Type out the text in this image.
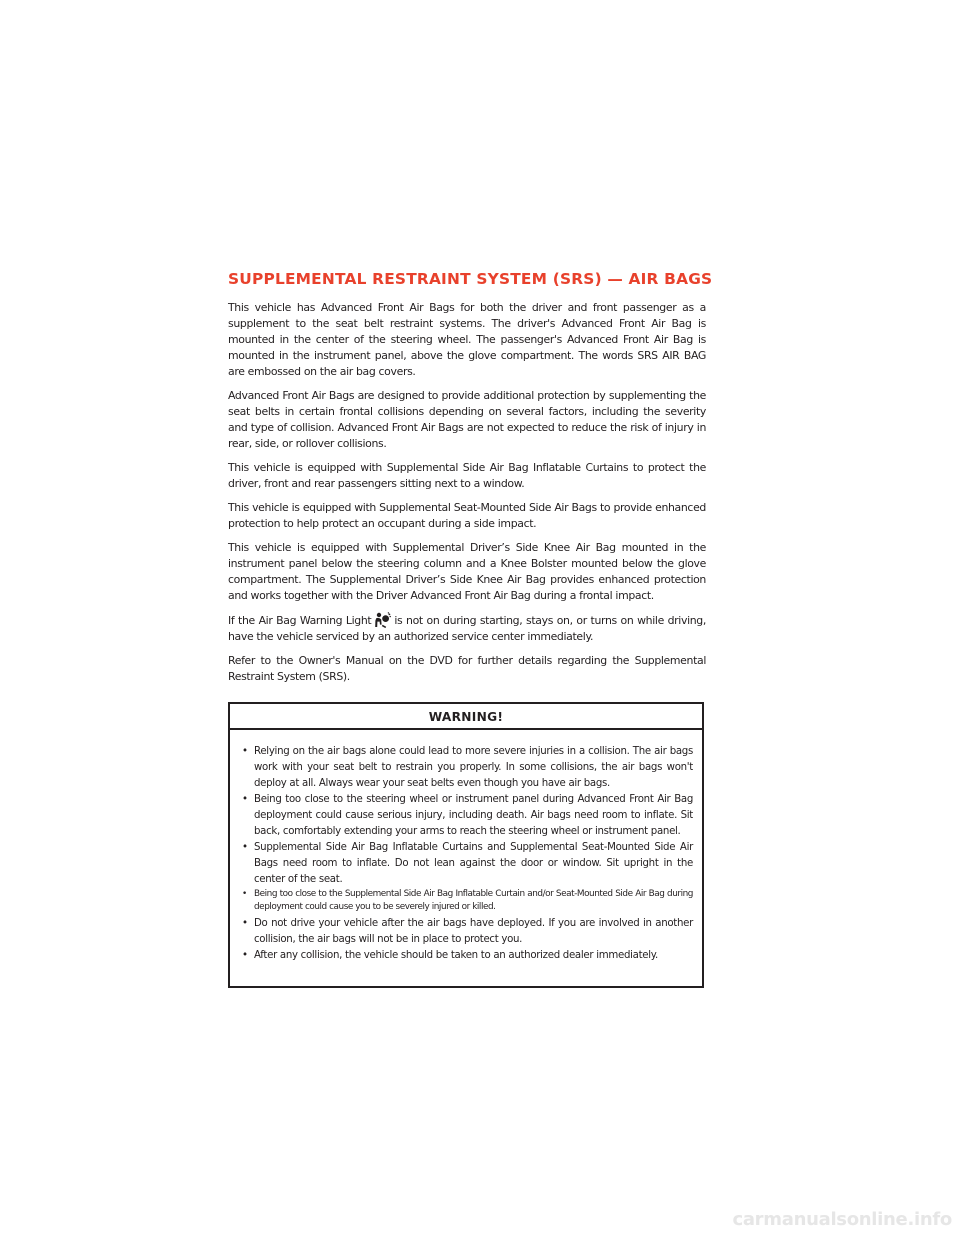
SUPPLEMENTAL RESTRAINT SYSTEM (SRS) — AIR BAGS

This vehicle has Advanced Front Air Bags for both the driver and front passenger as a supplement to the seat belt restraint systems. The driver's Advanced Front Air Bag is mounted in the center of the steering wheel. The passenger's Advanced Front Air Bag is mounted in the instrument panel, above the glove compartment. The words SRS AIR BAG are embossed on the air bag covers.

Advanced Front Air Bags are designed to provide additional protection by supplementing the seat belts in certain frontal collisions depending on several factors, including the severity and type of collision. Advanced Front Air Bags are not expected to reduce the risk of injury in rear, side, or rollover collisions.

This vehicle is equipped with Supplemental Side Air Bag Inflatable Curtains to protect the driver, front and rear passengers sitting next to a window.

This vehicle is equipped with Supplemental Seat-Mounted Side Air Bags to provide enhanced protection to help protect an occupant during a side impact.

This vehicle is equipped with Supplemental Driver’s Side Knee Air Bag mounted in the instrument panel below the steering column and a Knee Bolster mounted below the glove compartment. The Supplemental Driver’s Side Knee Air Bag provides enhanced protection and works together with the Driver Advanced Front Air Bag during a frontal impact.

If the Air Bag Warning Light is not on during starting, stays on, or turns on while driving, have the vehicle serviced by an authorized service center immediately.

Refer to the Owner's Manual on the DVD for further details regarding the Supplemental Restraint System (SRS).

WARNING!
• Relying on the air bags alone could lead to more severe injuries in a collision. The air bags work with your seat belt to restrain you properly. In some collisions, the air bags won't deploy at all. Always wear your seat belts even though you have air bags.
• Being too close to the steering wheel or instrument panel during Advanced Front Air Bag deployment could cause serious injury, including death. Air bags need room to inflate. Sit back, comfortably extending your arms to reach the steering wheel or instrument panel.
• Supplemental Side Air Bag Inflatable Curtains and Supplemental Seat-Mounted Side Air Bags need room to inflate. Do not lean against the door or window. Sit upright in the center of the seat.
• Being too close to the Supplemental Side Air Bag Inflatable Curtain and/or Seat-Mounted Side Air Bag during deployment could cause you to be severely injured or killed.
• Do not drive your vehicle after the air bags have deployed. If you are involved in another collision, the air bags will not be in place to protect you.
• After any collision, the vehicle should be taken to an authorized dealer immediately.
carmanualsonline.info
